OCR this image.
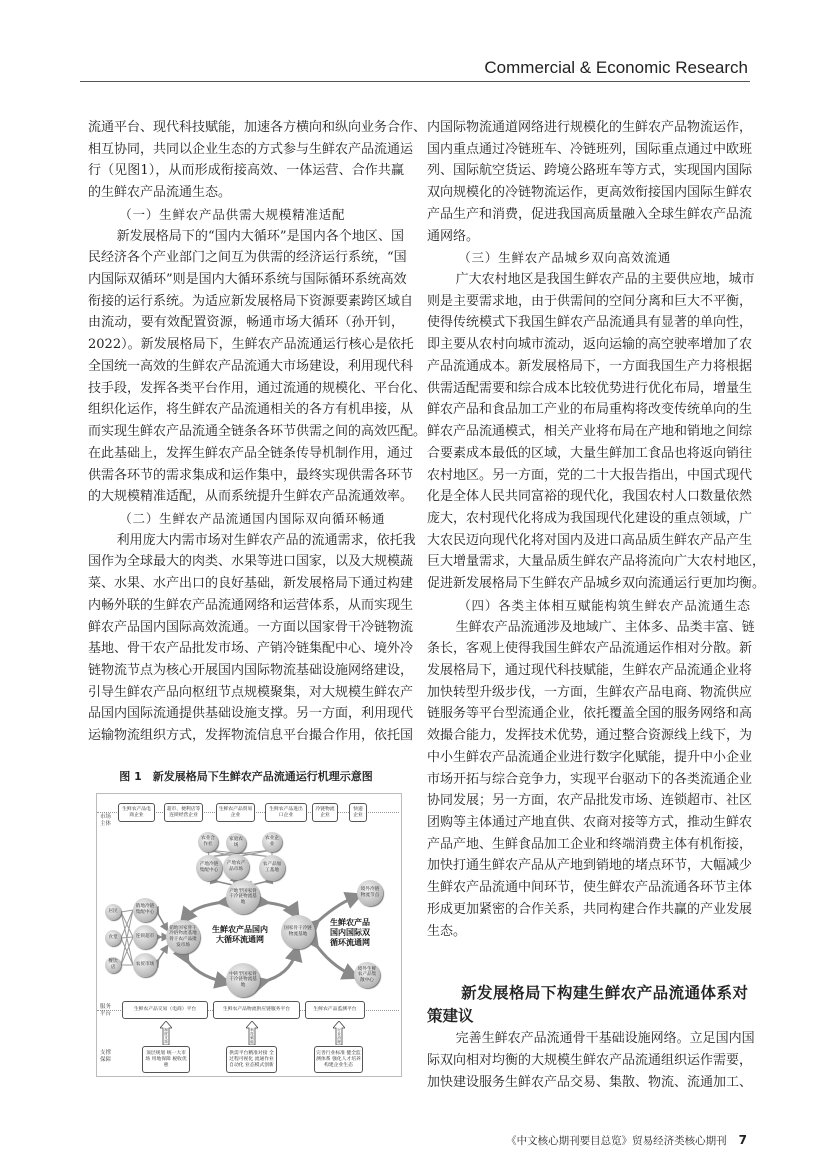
Commercial & Economic Research
流通平台、现代科技赋能，加速各方横向和纵向业务合作、
相互协同，共同以企业生态的方式参与生鲜农产品流通运
行（见图1），从而形成衔接高效、一体运营、合作共赢
的生鲜农产品流通生态。
（一）生鲜农产品供需大规模精准适配
新发展格局下的“国内大循环”是国内各个地区、国
民经济各个产业部门之间互为供需的经济运行系统，“国
内国际双循环”则是国内大循环系统与国际循环系统高效
衔接的运行系统。为适应新发展格局下资源要素跨区域自
由流动，要有效配置资源，畅通市场大循环（孙开钊，
2022）。新发展格局下，生鲜农产品流通运行核心是依托
全国统一高效的生鲜农产品流通大市场建设，利用现代科
技手段，发挥各类平台作用，通过流通的规模化、平台化、
组织化运作，将生鲜农产品流通相关的各方有机串接，从
而实现生鲜农产品流通全链条各环节供需之间的高效匹配。
在此基础上，发挥生鲜农产品全链条传导机制作用，通过
供需各环节的需求集成和运作集中，最终实现供需各环节
的大规模精准适配，从而系统提升生鲜农产品流通效率。
（二）生鲜农产品流通国内国际双向循环畅通
利用庞大内需市场对生鲜农产品的流通需求，依托我
国作为全球最大的肉类、水果等进口国家，以及大规模蔬
菜、水果、水产出口的良好基础，新发展格局下通过构建
内畅外联的生鲜农产品流通网络和运营体系，从而实现生
鲜农产品国内国际高效流通。一方面以国家骨干冷链物流
基地、骨干农产品批发市场、产销冷链集配中心、境外冷
链物流节点为核心开展国内国际物流基础设施网络建设，
引导生鲜农产品向枢纽节点规模聚集，对大规模生鲜农产
品国内国际流通提供基础设施支撑。另一方面，利用现代
运输物流组织方式，发挥物流信息平台撮合作用，依托国
内国际物流通道网络进行规模化的生鲜农产品物流运作，
国内重点通过冷链班车、冷链班列，国际重点通过中欧班
列、国际航空货运、跨境公路班车等方式，实现国内国际
双向规模化的冷链物流运作，更高效衔接国内国际生鲜农
产品生产和消费，促进我国高质量融入全球生鲜农产品流
通网络。
（三）生鲜农产品城乡双向高效流通
广大农村地区是我国生鲜农产品的主要供应地，城市
则是主要需求地，由于供需间的空间分离和巨大不平衡，
使得传统模式下我国生鲜农产品流通具有显著的单向性，
即主要从农村向城市流动，返向运输的高空驶率增加了农
产品流通成本。新发展格局下，一方面我国生产力将根据
供需适配需要和综合成本比较优势进行优化布局，增量生
鲜农产品和食品加工产业的布局重构将改变传统单向的生
鲜农产品流通模式，相关产业将布局在产地和销地之间综
合要素成本最低的区域，大量生鲜加工食品也将返向销往
农村地区。另一方面，党的二十大报告指出，中国式现代
化是全体人民共同富裕的现代化，我国农村人口数量依然
庞大，农村现代化将成为我国现代化建设的重点领域，广
大农民迈向现代化将对国内及进口高品质生鲜农产品产生
巨大增量需求，大量品质生鲜农产品将流向广大农村地区，
促进新发展格局下生鲜农产品城乡双向流通运行更加均衡。
（四）各类主体相互赋能构筑生鲜农产品流通生态
生鲜农产品流通涉及地域广、主体多、品类丰富、链
条长，客观上使得我国生鲜农产品流通运作相对分散。新
发展格局下，通过现代科技赋能，生鲜农产品流通企业将
加快转型升级步伐，一方面，生鲜农产品电商、物流供应
链服务等平台型流通企业，依托覆盖全国的服务网络和高
效撮合能力，发挥技术优势，通过整合资源线上线下，为
中小生鲜农产品流通企业进行数字化赋能，提升中小企业
市场开拓与综合竞争力，实现平台驱动下的各类流通企业
协同发展；另一方面，农产品批发市场、连锁超市、社区
团购等主体通过产地直供、农商对接等方式，推动生鲜农
产品产地、生鲜食品加工企业和终端消费主体有机衔接，
加快打通生鲜农产品从产地到销地的堵点环节，大幅减少
生鲜农产品流通中间环节，使生鲜农产品流通各环节主体
形成更加紧密的合作关系，共同构建合作共赢的产业发展
生态。
新发展格局下构建生鲜农产品流通体系对
策建议
完善生鲜农产品流通骨干基础设施网络。立足国内国
际双向相对均衡的大规模生鲜农产品流通组织运作需要，
加快建设服务生鲜农产品交易、集散、物流、流通加工、
图 1　新发展格局下生鲜农产品流通运行机理示意图
市场主体
生鲜农产品电商企业
超市、便利店等连锁经营企业
生鲜农产品贸易企业
生鲜农产品进出口企业
冷链物流企业
快递企业
农业合作社
家庭农场
农业企业
产地冷链集配中心
产地农产品市场
农产品加工基地
产地型国家骨干冷链物流基地
境外冷链物流节点
居民
食堂
餐饮店
销地冷链集配中心
连锁超市
农贸市场
销地国家骨干冷链物流基地 骨干农产品批发市场
生鲜农产品国内大循环流通网
国家骨干冷链物流基地
生鲜农产品国内国际双循环流通网
中转型国家骨干冷链物流基地
境外生鲜农产品集散中心
服务平台
生鲜农产品交易（电商）平台	生鲜农产品物流供应链服务平台	生鲜农产品监测平台
制度支持
科技赋能
行业治理
支撑保障
顶层规划 统一大市场 用地保障 税收优惠
供需平台精准对接 全过程可视化 流通作业自动化 业态模式创新
完善行业标准 健全监测体系 强化人才培养 构建企业生态
《中文核心期刊要目总览》贸易经济类核心期刊 7
